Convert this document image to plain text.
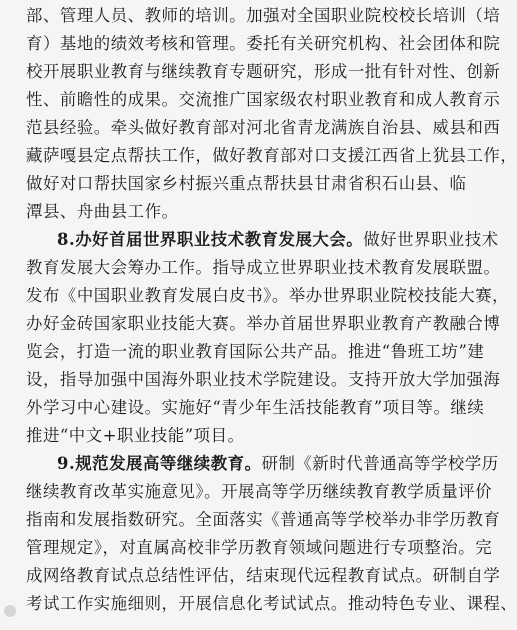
部、管理人员、教师的培训。加强对全国职业院校校长培训（培
育）基地的绩效考核和管理。委托有关研究机构、社会团体和院
校开展职业教育与继续教育专题研究，形成一批有针对性、创新
性、前瞻性的成果。交流推广国家级农村职业教育和成人教育示
范县经验。牵头做好教育部对河北省青龙满族自治县、威县和西
藏萨嘎县定点帮扶工作，做好教育部对口支援江西省上犹县工作，
做好对口帮扶国家乡村振兴重点帮扶县甘肃省积石山县、临
潭县、舟曲县工作。
8.办好首届世界职业技术教育发展大会。做好世界职业技术
教育发展大会筹办工作。指导成立世界职业技术教育发展联盟。
发布《中国职业教育发展白皮书》。举办世界职业院校技能大赛，
办好金砖国家职业技能大赛。举办首届世界职业教育产教融合博
览会，打造一流的职业教育国际公共产品。推进“鲁班工坊”建
设，指导加强中国海外职业技术学院建设。支持开放大学加强海
外学习中心建设。实施好“青少年生活技能教育”项目等。继续
推进“中文+职业技能”项目。
9.规范发展高等继续教育。研制《新时代普通高等学校学历
继续教育改革实施意见》。开展高等学历继续教育教学质量评价
指南和发展指数研究。全面落实《普通高等学校举办非学历教育
管理规定》，对直属高校非学历教育领域问题进行专项整治。完
成网络教育试点总结性评估，结束现代远程教育试点。研制自学
考试工作实施细则，开展信息化考试试点。推动特色专业、课程、
